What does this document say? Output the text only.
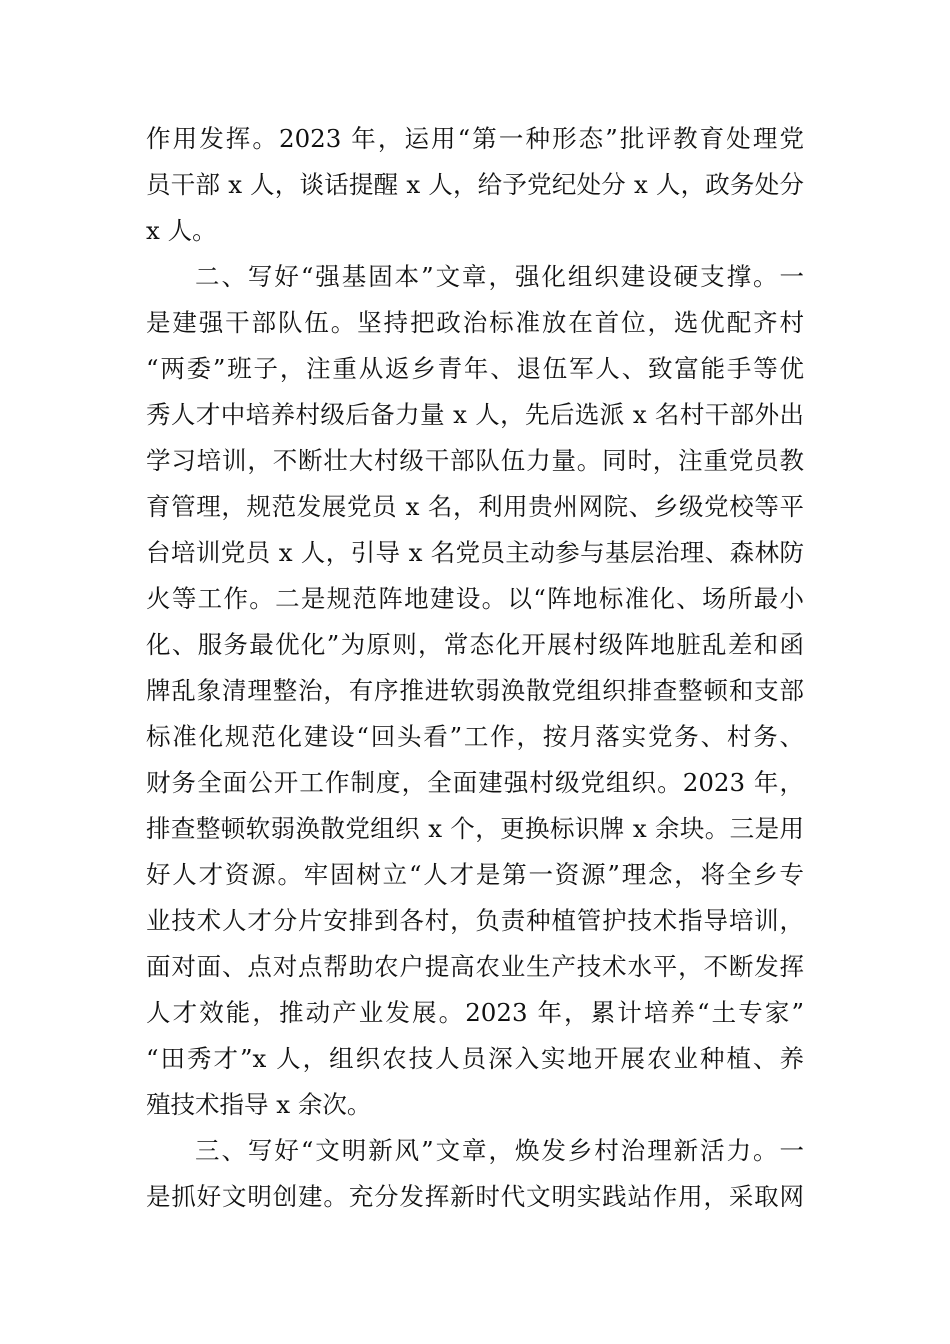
作用发挥。2023 年，运用“第一种形态”批评教育处理党
员干部 x 人，谈话提醒 x 人，给予党纪处分 x 人，政务处分
x 人。
二、写好“强基固本”文章，强化组织建设硬支撑。一
是建强干部队伍。坚持把政治标准放在首位，选优配齐村
“两委”班子，注重从返乡青年、退伍军人、致富能手等优
秀人才中培养村级后备力量 x 人，先后选派 x 名村干部外出
学习培训，不断壮大村级干部队伍力量。同时，注重党员教
育管理，规范发展党员 x 名，利用贵州网院、乡级党校等平
台培训党员 x 人，引导 x 名党员主动参与基层治理、森林防
火等工作。二是规范阵地建设。以“阵地标准化、场所最小
化、服务最优化”为原则，常态化开展村级阵地脏乱差和函
牌乱象清理整治，有序推进软弱涣散党组织排查整顿和支部
标准化规范化建设“回头看”工作，按月落实党务、村务、
财务全面公开工作制度，全面建强村级党组织。2023 年，
排查整顿软弱涣散党组织 x 个，更换标识牌 x 余块。三是用
好人才资源。牢固树立“人才是第一资源”理念，将全乡专
业技术人才分片安排到各村，负责种植管护技术指导培训，
面对面、点对点帮助农户提高农业生产技术水平，不断发挥
人才效能，推动产业发展。2023 年，累计培养“土专家”
“田秀才”x 人，组织农技人员深入实地开展农业种植、养
殖技术指导 x 余次。
三、写好“文明新风”文章，焕发乡村治理新活力。一
是抓好文明创建。充分发挥新时代文明实践站作用，采取网
